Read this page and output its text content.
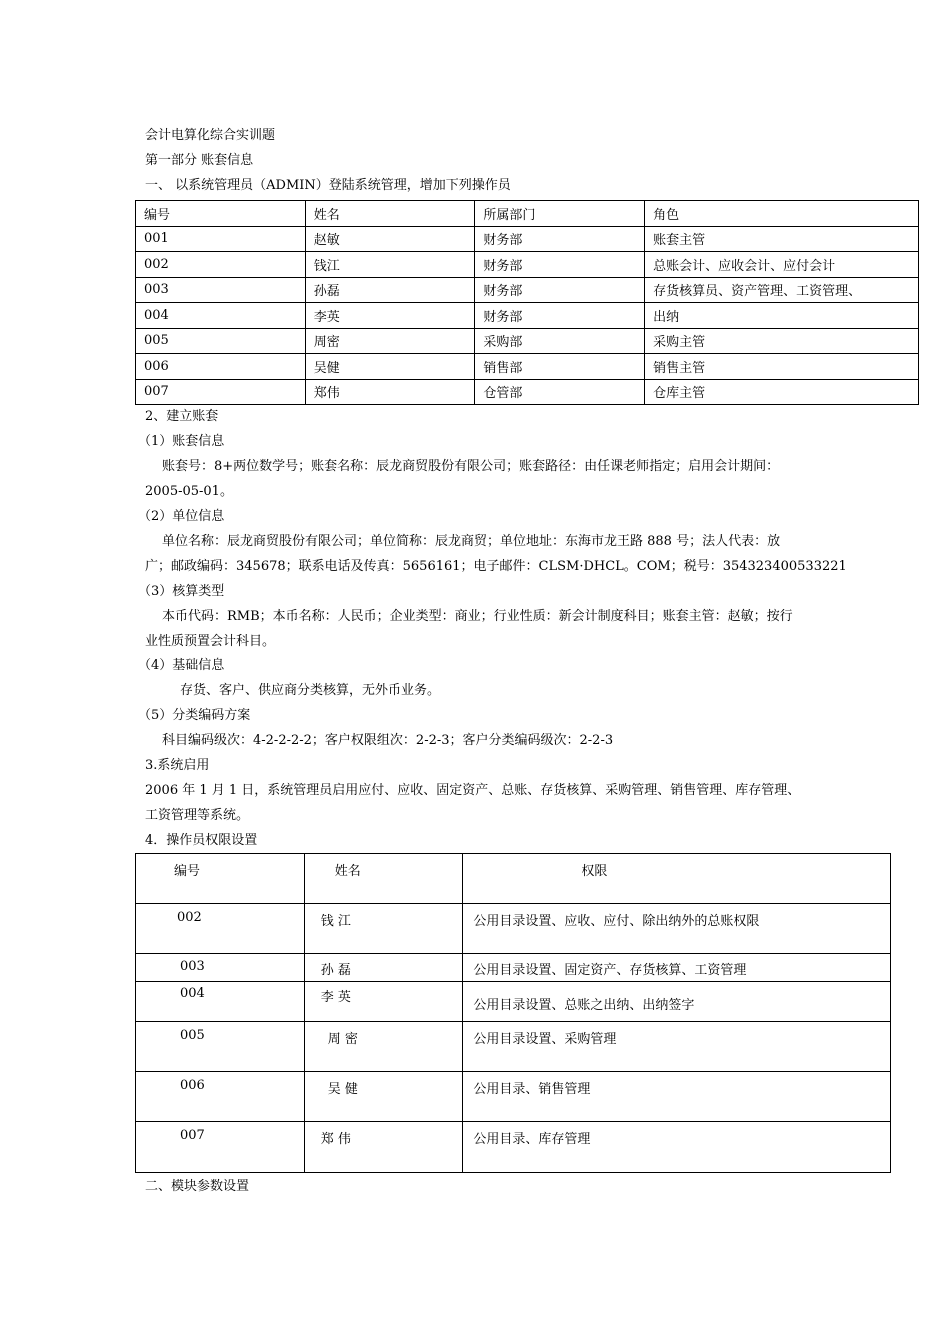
会计电算化综合实训题
第一部分 账套信息
一、 以系统管理员（ADMIN）登陆系统管理，增加下列操作员
编号	姓名	所属部门	角色
001	赵敏	财务部	账套主管
002	钱江	财务部	总账会计、应收会计、应付会计
003	孙磊	财务部	存货核算员、资产管理、工资管理、
004	李英	财务部	出纳
005	周密	采购部	采购主管
006	吴健	销售部	销售主管
007	郑伟	仓管部	仓库主管
2、建立账套
（1）账套信息
账套号：8+两位数学号；账套名称：辰龙商贸股份有限公司；账套路径：由任课老师指定；启用会计期间：
2005-05-01。
（2）单位信息
单位名称：辰龙商贸股份有限公司；单位简称：辰龙商贸；单位地址：东海市龙王路 888 号；法人代表：放
广；邮政编码：345678；联系电话及传真：5656161；电子邮件：CLSM·DHCL。COM；税号：354323400533221
（3）核算类型
本币代码：RMB；本币名称：人民币；企业类型：商业；行业性质：新会计制度科目；账套主管：赵敏；按行
业性质预置会计科目。
（4）基础信息
存货、客户、供应商分类核算，无外币业务。
（5）分类编码方案
科目编码级次：4-2-2-2-2；客户权限组次：2-2-3；客户分类编码级次：2-2-3
3.系统启用
2006 年 1 月 1 日，系统管理员启用应付、应收、固定资产、总账、存货核算、采购管理、销售管理、库存管理、
工资管理等系统。
4．操作员权限设置
编号	姓名	权限
002	钱 江	公用目录设置、应收、应付、除出纳外的总账权限
003	孙 磊	公用目录设置、固定资产、存货核算、工资管理
004	李 英	公用目录设置、总账之出纳、出纳签字
005	周 密	公用目录设置、采购管理
006	吴 健	公用目录、销售管理
007	郑 伟	公用目录、库存管理
二、模块参数设置
